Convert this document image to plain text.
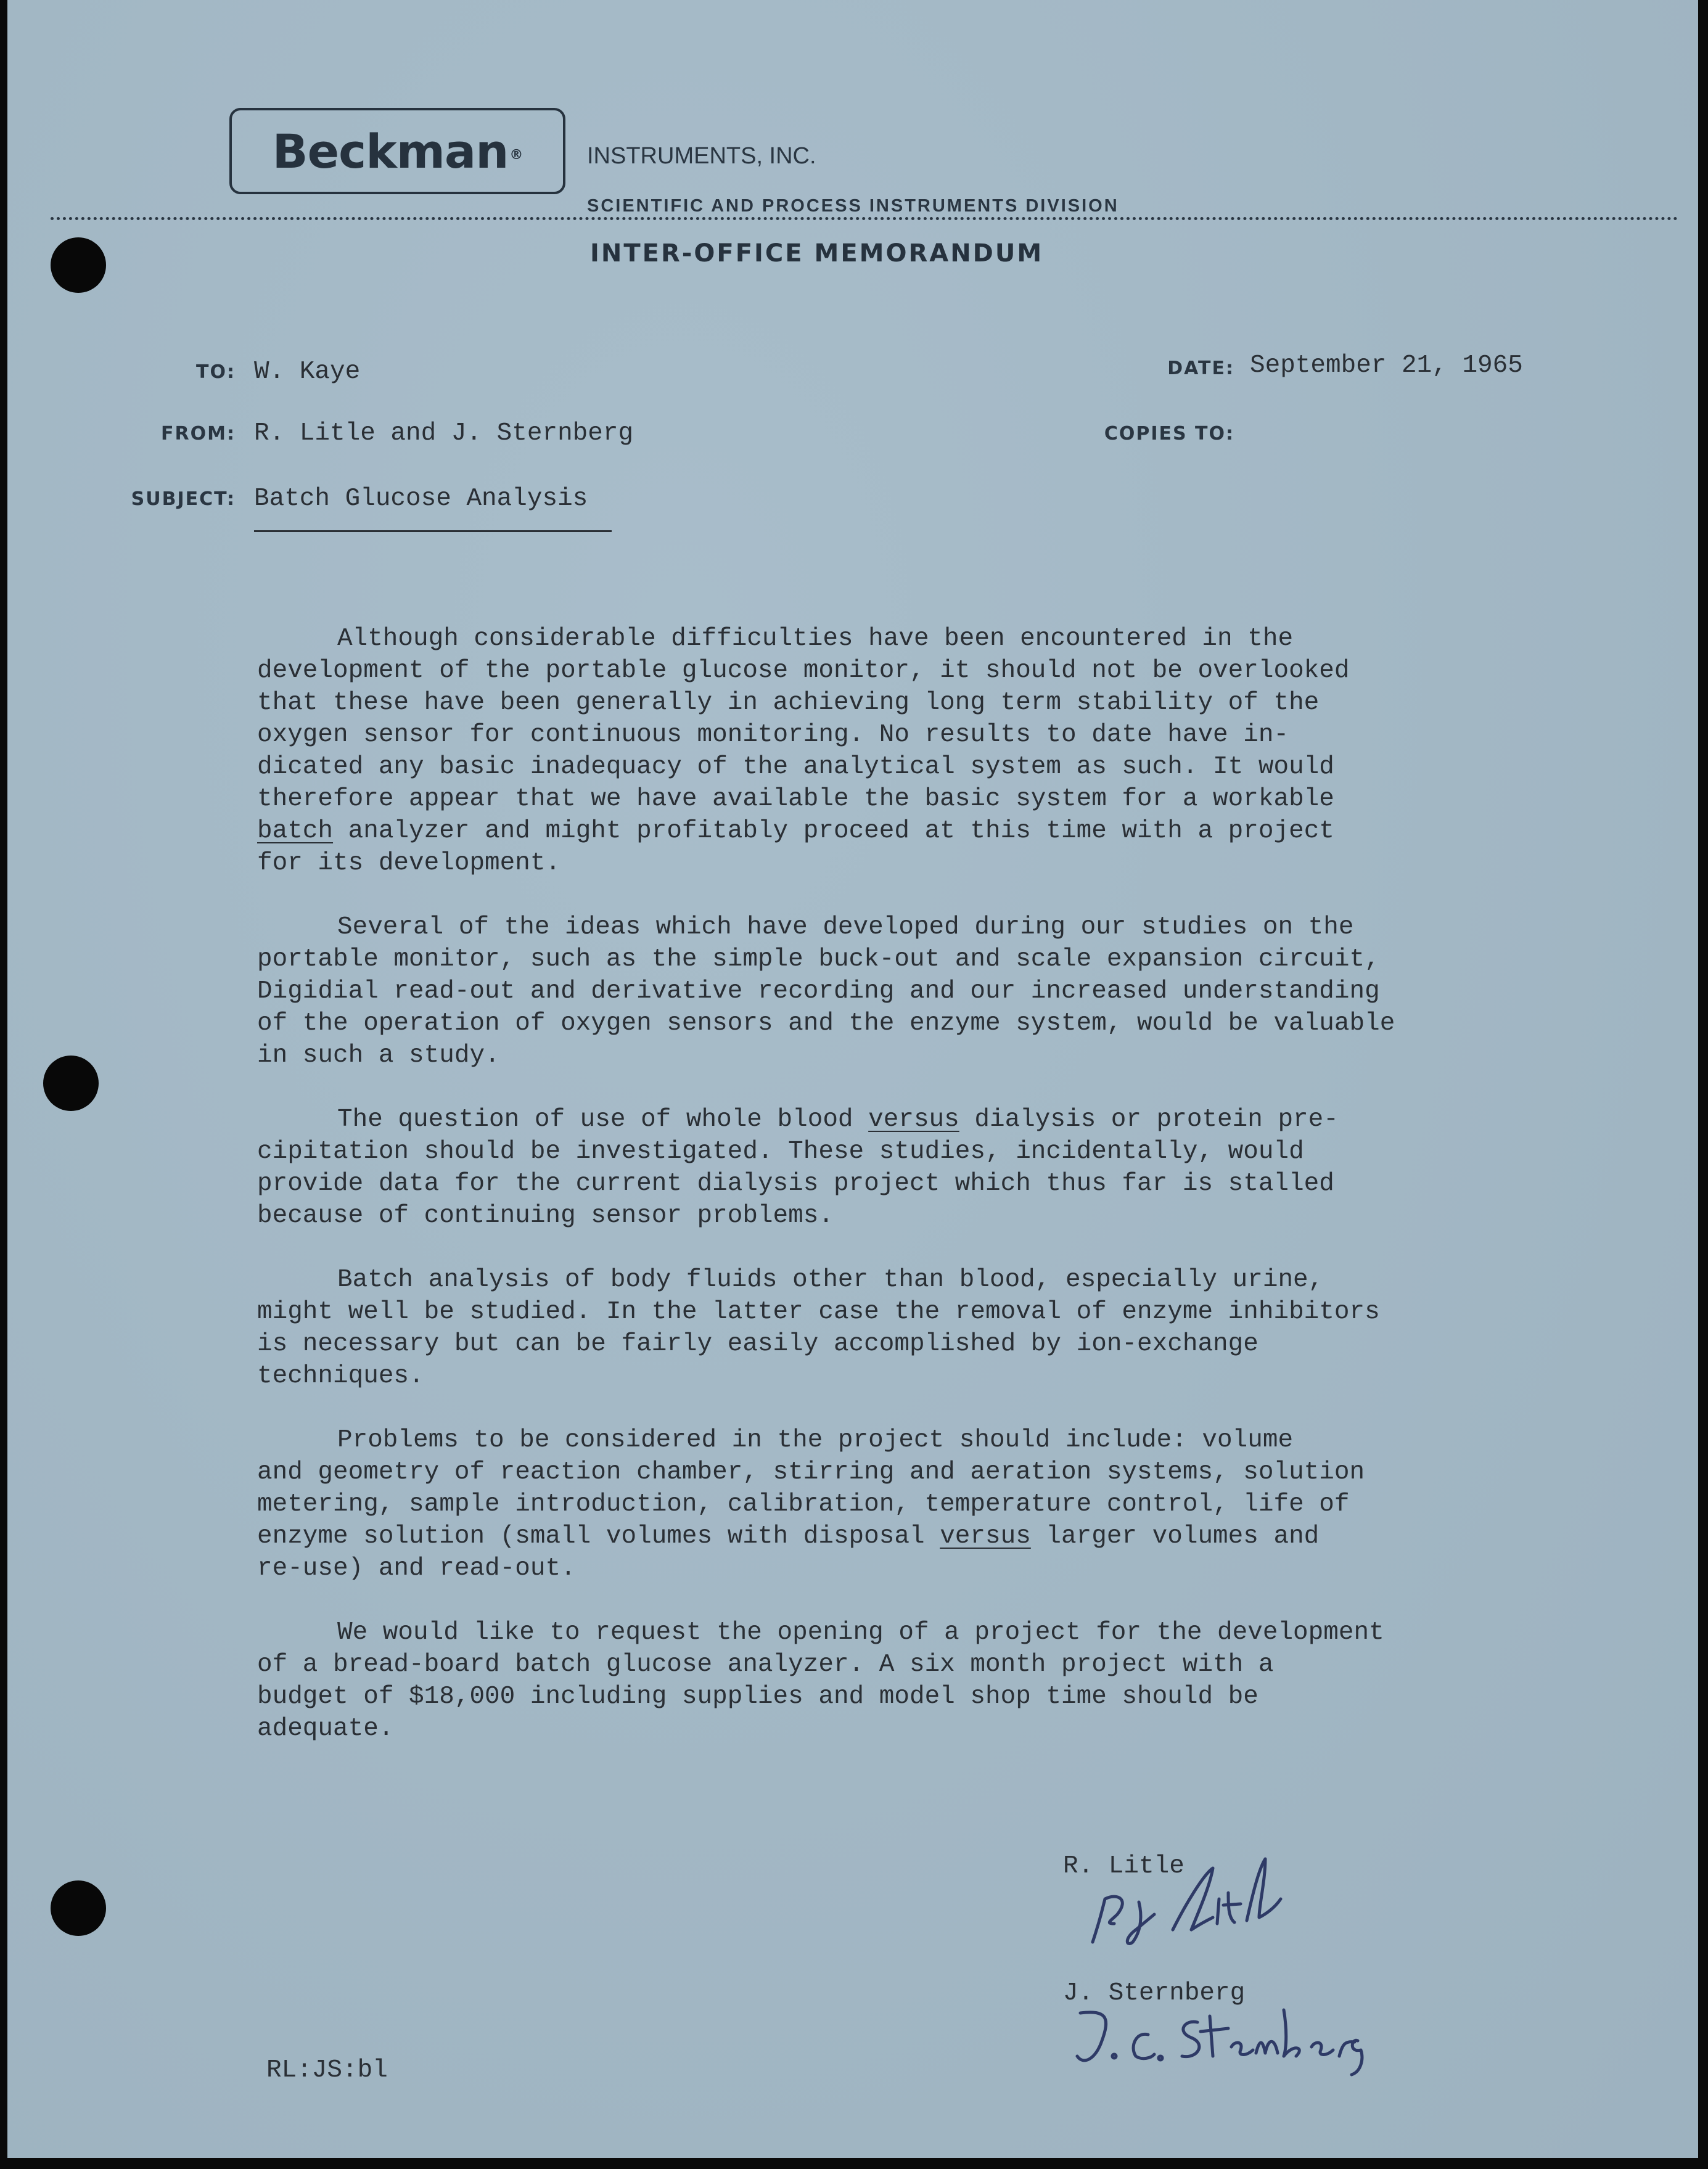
Beckman ®	INSTRUMENTS, INC.
SCIENTIFIC AND PROCESS INSTRUMENTS DIVISION
INTER-OFFICE MEMORANDUM
TO: W. Kaye
FROM: R. Litle and J. Sternberg
SUBJECT: Batch Glucose Analysis
DATE: September 21, 1965
COPIES TO:

Although considerable difficulties have been encountered in the
development of the portable glucose monitor, it should not be overlooked
that these have been generally in achieving long term stability of the
oxygen sensor for continuous monitoring. No results to date have in-
dicated any basic inadequacy of the analytical system as such. It would
therefore appear that we have available the basic system for a workable
batch analyzer and might profitably proceed at this time with a project
for its development.

Several of the ideas which have developed during our studies on the
portable monitor, such as the simple buck-out and scale expansion circuit,
Digidial read-out and derivative recording and our increased understanding
of the operation of oxygen sensors and the enzyme system, would be valuable
in such a study.

The question of use of whole blood versus dialysis or protein pre-
cipitation should be investigated. These studies, incidentally, would
provide data for the current dialysis project which thus far is stalled
because of continuing sensor problems.

Batch analysis of body fluids other than blood, especially urine,
might well be studied. In the latter case the removal of enzyme inhibitors
is necessary but can be fairly easily accomplished by ion-exchange
techniques.

Problems to be considered in the project should include: volume
and geometry of reaction chamber, stirring and aeration systems, solution
metering, sample introduction, calibration, temperature control, life of
enzyme solution (small volumes with disposal versus larger volumes and
re-use) and read-out.

We would like to request the opening of a project for the development
of a bread-board batch glucose analyzer. A six month project with a
budget of $18,000 including supplies and model shop time should be
adequate.

R. Litle
J. Sternberg
RL:JS:bl
